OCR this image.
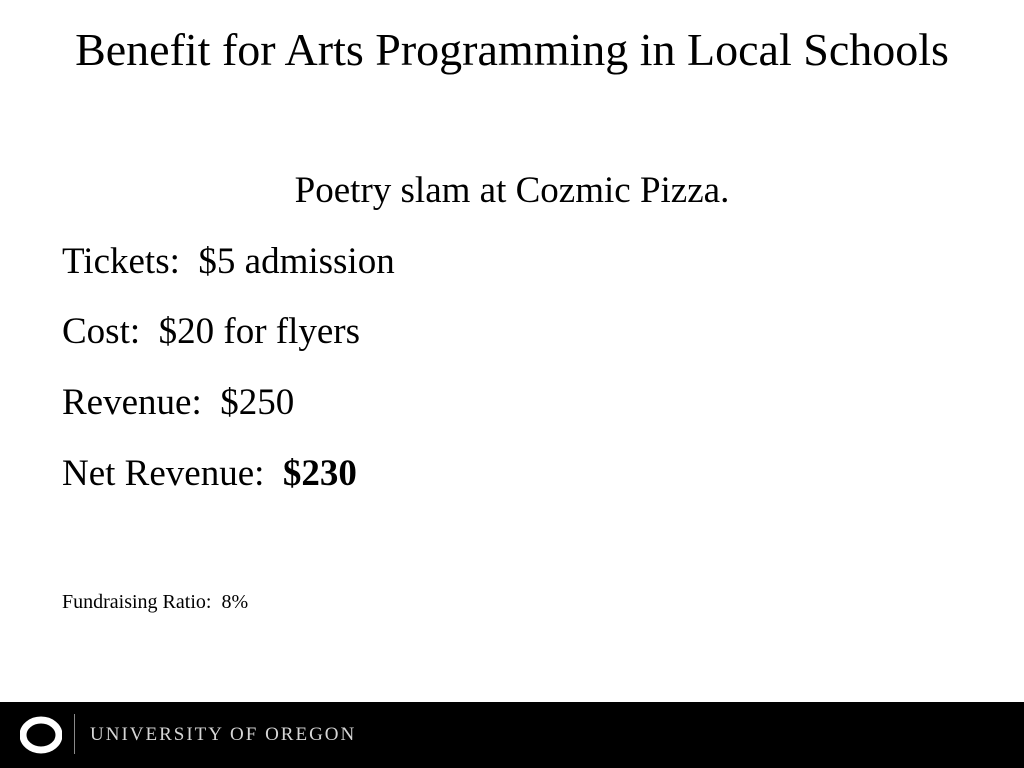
Benefit for Arts Programming in Local Schools
Poetry slam at Cozmic Pizza.
Tickets:  $5 admission
Cost:  $20 for flyers
Revenue:  $250
Net Revenue:  $230
Fundraising Ratio:  8%
UNIVERSITY OF OREGON
